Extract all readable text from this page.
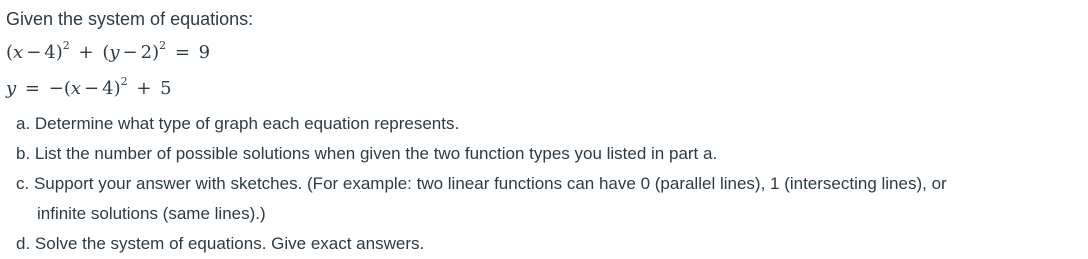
Given the system of equations:
$(x - 4)^2 + (y - 2)^2 = 9$
$y = -(x - 4)^2 + 5$
a. Determine what type of graph each equation represents.
b. List the number of possible solutions when given the two function types you listed in part a.
c. Support your answer with sketches. (For example: two linear functions can have 0 (parallel lines), 1 (intersecting lines), or
infinite solutions (same lines).)
d. Solve the system of equations. Give exact answers.
